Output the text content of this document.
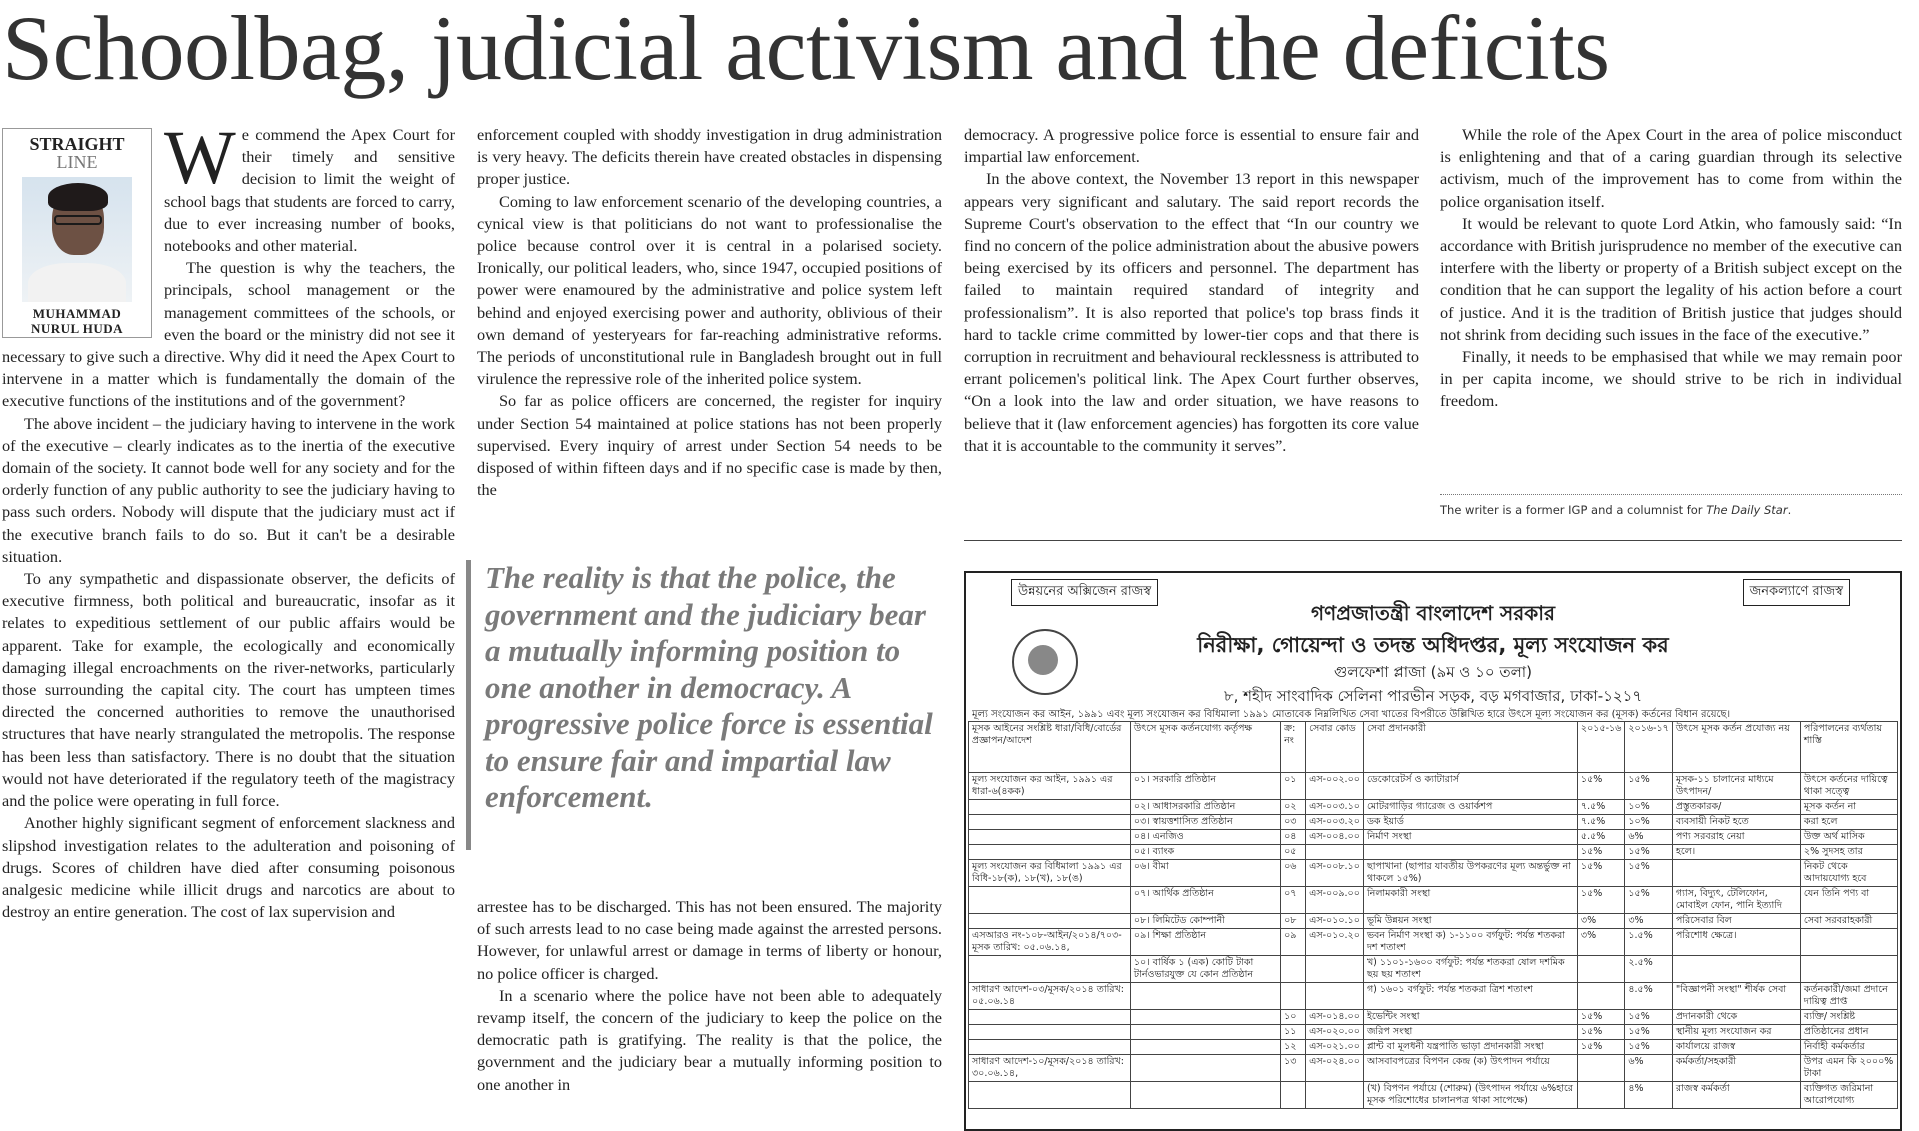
Schoolbag, judicial activism and the deficits
STRAIGHT
LINE
MUHAMMAD
NURUL HUDA

We commend the Apex Court for their timely and sensitive decision to limit the weight of school bags that students are forced to carry, due to ever increasing number of books, notebooks and other material.

The question is why the teachers, the principals, school management or the management committees of the schools, or even the board or the ministry did not see it necessary to give such a directive. Why did it need the Apex Court to intervene in a matter which is fundamentally the domain of the executive functions of the institutions and of the government?

The above incident – the judiciary having to intervene in the work of the executive – clearly indicates as to the inertia of the executive domain of the society. It cannot bode well for any society and for the orderly function of any public authority to see the judiciary having to pass such orders. Nobody will dispute that the judiciary must act if the executive branch fails to do so. But it can't be a desirable situation.

To any sympathetic and dispassionate observer, the deficits of executive firmness, both political and bureaucratic, insofar as it relates to expeditious settlement of our public affairs would be apparent. Take for example, the ecologically and economically damaging illegal encroachments on the river-networks, particularly those surrounding the capital city. The court has umpteen times directed the concerned authorities to remove the unauthorised structures that have nearly strangulated the metropolis. The response has been less than satisfactory. There is no doubt that the situation would not have deteriorated if the regulatory teeth of the magistracy and the police were operating in full force.

Another highly significant segment of enforcement slackness and slipshod investigation relates to the adulteration and poisoning of drugs. Scores of children have died after consuming poisonous analgesic medicine while illicit drugs and narcotics are about to destroy an entire generation. The cost of lax supervision and

enforcement coupled with shoddy investigation in drug administration is very heavy. The deficits therein have created obstacles in dispensing proper justice.

Coming to law enforcement scenario of the developing countries, a cynical view is that politicians do not want to professionalise the police because control over it is central in a polarised society. Ironically, our political leaders, who, since 1947, occupied positions of power were enamoured by the administrative and police system left behind and enjoyed exercising power and authority, oblivious of their own demand of yesteryears for far-reaching administrative reforms. The periods of unconstitutional rule in Bangladesh brought out in full virulence the repressive role of the inherited police system.

So far as police officers are concerned, the register for inquiry under Section 54 maintained at police stations has not been properly supervised. Every inquiry of arrest under Section 54 needs to be disposed of within fifteen days and if no specific case is made by then, the

The reality is that the police, the government and the judiciary bear a mutually informing position to one another in democracy. A progressive police force is essential to ensure fair and impartial law enforcement.

arrestee has to be discharged. This has not been ensured. The majority of such arrests lead to no case being made against the arrested persons. However, for unlawful arrest or damage in terms of liberty or honour, no police officer is charged.

In a scenario where the police have not been able to adequately revamp itself, the concern of the judiciary to keep the police on the democratic path is gratifying. The reality is that the police, the government and the judiciary bear a mutually informing position to one another in

democracy. A progressive police force is essential to ensure fair and impartial law enforcement.

In the above context, the November 13 report in this newspaper appears very significant and salutary. The said report records the Supreme Court's observation to the effect that “In our country we find no concern of the police administration about the abusive powers being exercised by its officers and personnel. The department has failed to maintain required standard of integrity and professionalism”. It is also reported that police's top brass finds it hard to tackle crime committed by lower-tier cops and that there is corruption in recruitment and behavioural recklessness is attributed to errant policemen's political link. The Apex Court further observes, “On a look into the law and order situation, we have reasons to believe that it (law enforcement agencies) has forgotten its core value that it is accountable to the community it serves”.

While the role of the Apex Court in the area of police misconduct is enlightening and that of a caring guardian through its selective activism, much of the improvement has to come from within the police organisation itself.

It would be relevant to quote Lord Atkin, who famously said: “In accordance with British jurisprudence no member of the executive can interfere with the liberty or property of a British subject except on the condition that he can support the legality of his action before a court of justice. And it is the tradition of British justice that judges should not shrink from deciding such issues in the face of the executive.”

Finally, it needs to be emphasised that while we may remain poor in per capita income, we should strive to be rich in individual freedom.

The writer is a former IGP and a columnist for The Daily Star.
উন্নয়নের অক্সিজেন রাজস্ব	জনকল্যাণে রাজস্ব
গণপ্রজাতন্ত্রী বাংলাদেশ সরকার
নিরীক্ষা, গোয়েন্দা ও তদন্ত অধিদপ্তর, মূল্য সংযোজন কর
গুলফেশা প্লাজা (৯ম ও ১০ তলা)
৮, শহীদ সাংবাদিক সেলিনা পারভীন সড়ক, বড় মগবাজার, ঢাকা-১২১৭
মূল্য সংযোজন কর আইন, ১৯৯১ এবং মূল্য সংযোজন কর বিধিমালা ১৯৯১ মোতাবেক নিম্নলিখিত সেবা খাতের বিপরীতে উল্লিখিত হারে উৎসে মূল্য সংযোজন কর (মূসক) কর্তনের বিধান রয়েছে।
মূসক আইনের সংশ্লিষ্ট ধারা/বিধি/বোর্ডের প্রজ্ঞাপন/আদেশ	উৎসে মূসক কর্তনযোগ্য কর্তৃপক্ষ	ক্র: নং	সেবার কোড	সেবা প্রদানকারী	২০১৫-১৬	২০১৬-১৭	উৎসে মূসক কর্তন প্রযোজ্য নয়	পরিপালনের ব্যর্থতায় শাস্তি
মূল্য সংযোজন কর আইন, ১৯৯১ এর ধারা-৬(৪কক)	০১। সরকারি প্রতিষ্ঠান	০১	এস-০০২.০০	ডেকোরেটর্স ও ক্যাটারার্স	১৫%	১৫%	মূসক-১১ চালানের মাধ্যমে উৎপাদন/	উৎসে কর্তনের দায়িত্বে থাকা সত্ত্বে
	০২। আধাসরকারি প্রতিষ্ঠান	০২	এস-০০৩.১০	মোটরগাড়ির গ্যারেজ ও ওয়ার্কশপ	৭.৫%	১০%	প্রস্তুতকারক/	মূসক কর্তন না
	০৩। স্বায়ত্তশাসিত প্রতিষ্ঠান	০৩	এস-০০৩.২০	ডক ইয়ার্ড	৭.৫%	১০%	ব্যবসায়ী নিকট হতে	করা হলে
	০৪। এনজিও	০৪	এস-০০৪.০০	নির্মাণ সংস্থা	৫.৫%	৬%	পণ্য সরবরাহ নেয়া	উক্ত অর্থ মাসিক
	০৫। ব্যাংক	০৫			১৫%	১৫%	হলে।	২% সুদসহ তার
মূল্য সংযোজন কর বিধিমালা ১৯৯১ এর বিধি-১৮(ক), ১৮(খ), ১৮(ঙ)	০৬। বীমা	০৬	এস-০০৮.১০	ছাপাখানা (ছাপার যাবতীয় উপকরণের মূল্য অন্তর্ভুক্ত না থাকলে ১৫%)	১৫%	১৫%		নিকট থেকে আদায়যোগ্য হবে
	০৭। আর্থিক প্রতিষ্ঠান	০৭	এস-০০৯.০০	নিলামকারী সংস্থা	১৫%	১৫%	গ্যাস, বিদ্যুৎ, টেলিফোন, মোবাইল ফোন, পানি ইত্যাদি	যেন তিনি পণ্য বা
	০৮। লিমিটেড কোম্পানী	০৮	এস-০১০.১০	ভূমি উন্নয়ন সংস্থা	৩%	৩%	পরিসেবার বিল	সেবা সরবরাহকারী
এসআরও নং-১০৮-আইন/২০১৪/৭০৩-মূসক তারিখ: ০৫.০৬.১৪,	০৯। শিক্ষা প্রতিষ্ঠান	০৯	এস-০১০.২০	ভবন নির্মাণ সংস্থা ক) ১-১১০০ বর্গফুট: পর্যন্ত শতকরা দশ শতাংশ	৩%	১.৫%	পরিশোধ ক্ষেত্রে।	
	১০। বার্ষিক ১ (এক) কোটি টাকা টার্নওভারযুক্ত যে কোন প্রতিষ্ঠান			খ) ১১০১-১৬০০ বর্গফুট: পর্যন্ত শতকরা ষোল দশমিক ছয় ছয় শতাংশ		২.৫%		
সাধারণ আদেশ-০৩/মূসক/২০১৪ তারিখ: ০৫.০৬.১৪				গ) ১৬০১ বর্গফুট: পর্যন্ত শতকরা ত্রিশ শতাংশ		৪.৫%	"বিজ্ঞাপনী সংস্থা" শীর্ষক সেবা	কর্তনকারী/জমা প্রদানে দায়িত্ব প্রাপ্ত
		১০	এস-০১৪.০০	ইভেন্টিং সংস্থা	১৫%	১৫%	প্রদানকারী থেকে	ব্যক্তি/ সংশ্লিষ্ট
		১১	এস-০২০.০০	জরিপ সংস্থা	১৫%	১৫%	স্থানীয় মূল্য সংযোজন কর	প্রতিষ্ঠানের প্রধান
		১২	এস-০২১.০০	প্লান্ট বা মূলধনী যন্ত্রপাতি ভাড়া প্রদানকারী সংস্থা	১৫%	১৫%	কার্যালয়ে রাজস্ব	নির্বাহী কর্মকর্তার
সাধারণ আদেশ-১০/মূসক/২০১৪ তারিখ: ৩০.০৬.১৪,		১৩	এস-০২৪.০০	আসবাবপত্রের বিপণন কেন্দ্র (ক) উৎপাদন পর্যায়ে		৬%	কর্মকর্তা/সহকারী	উপর এমন কি ২০০০% টাকা
				(খ) বিপণন পর্যায়ে (শোরুম) (উৎপাদন পর্যায়ে ৬%হারে মূসক পরিশোধের চালানপত্র থাকা সাপেক্ষে)		৪%	রাজস্ব কর্মকর্তা	ব্যক্তিগত জরিমানা আরোপযোগ্য
